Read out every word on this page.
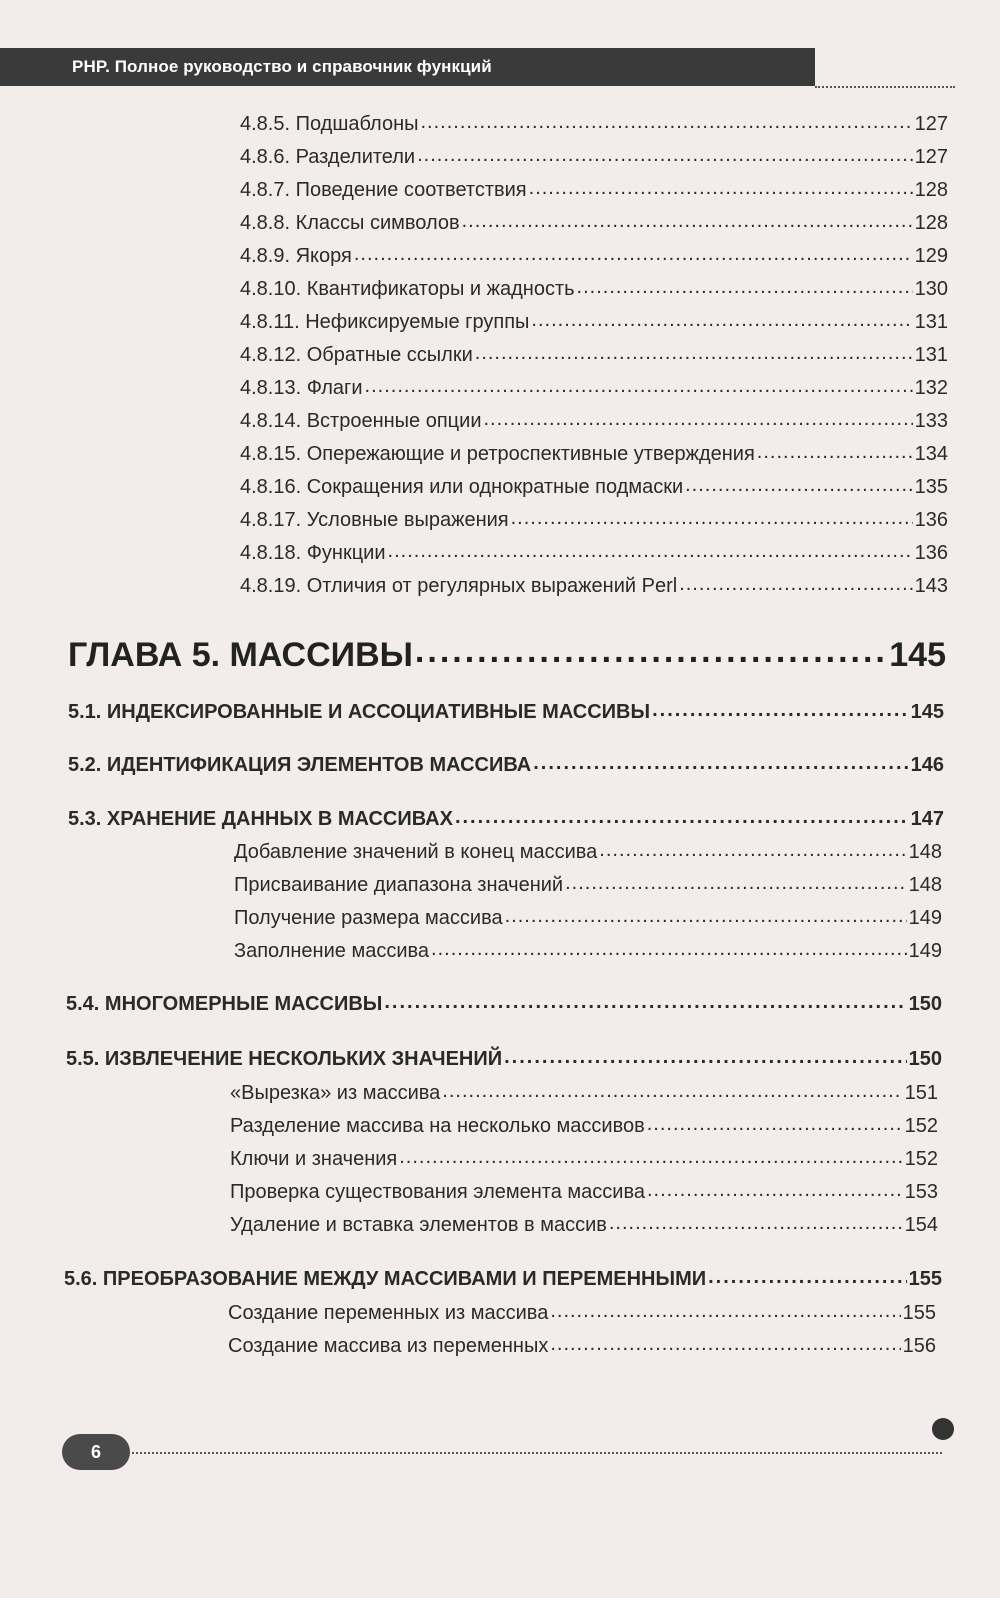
PHP. Полное руководство и справочник функций
4.8.5. Подшаблоны .....	127
4.8.6. Разделители .....	127
4.8.7. Поведение соответствия .....	128
4.8.8. Классы символов .....	128
4.8.9. Якоря .....	129
4.8.10. Квантификаторы и жадность .....	130
4.8.11. Нефиксируемые группы .....	131
4.8.12. Обратные ссылки .....	131
4.8.13. Флаги .....	132
4.8.14. Встроенные опции .....	133
4.8.15. Опережающие и ретроспективные утверждения .....	134
4.8.16. Сокращения или однократные подмаски .....	135
4.8.17. Условные выражения .....	136
4.8.18. Функции .....	136
4.8.19. Отличия от регулярных выражений Perl .....	143
ГЛАВА 5. МАССИВЫ .....	145
5.1. ИНДЕКСИРОВАННЫЕ И АССОЦИАТИВНЫЕ МАССИВЫ .....	145
5.2. ИДЕНТИФИКАЦИЯ ЭЛЕМЕНТОВ МАССИВА .....	146
5.3. ХРАНЕНИЕ ДАННЫХ В МАССИВАХ .....	147
Добавление значений в конец массива .....	148
Присваивание диапазона значений .....	148
Получение размера массива .....	149
Заполнение массива .....	149
5.4. МНОГОМЕРНЫЕ МАССИВЫ .....	150
5.5. ИЗВЛЕЧЕНИЕ НЕСКОЛЬКИХ ЗНАЧЕНИЙ .....	150
«Вырезка» из массива .....	151
Разделение массива на несколько массивов .....	152
Ключи и значения .....	152
Проверка существования элемента массива .....	153
Удаление и вставка элементов в массив .....	154
5.6. ПРЕОБРАЗОВАНИЕ МЕЖДУ МАССИВАМИ И ПЕРЕМЕННЫМИ .....	155
Создание переменных из массива .....	155
Создание массива из переменных .....	156
6
